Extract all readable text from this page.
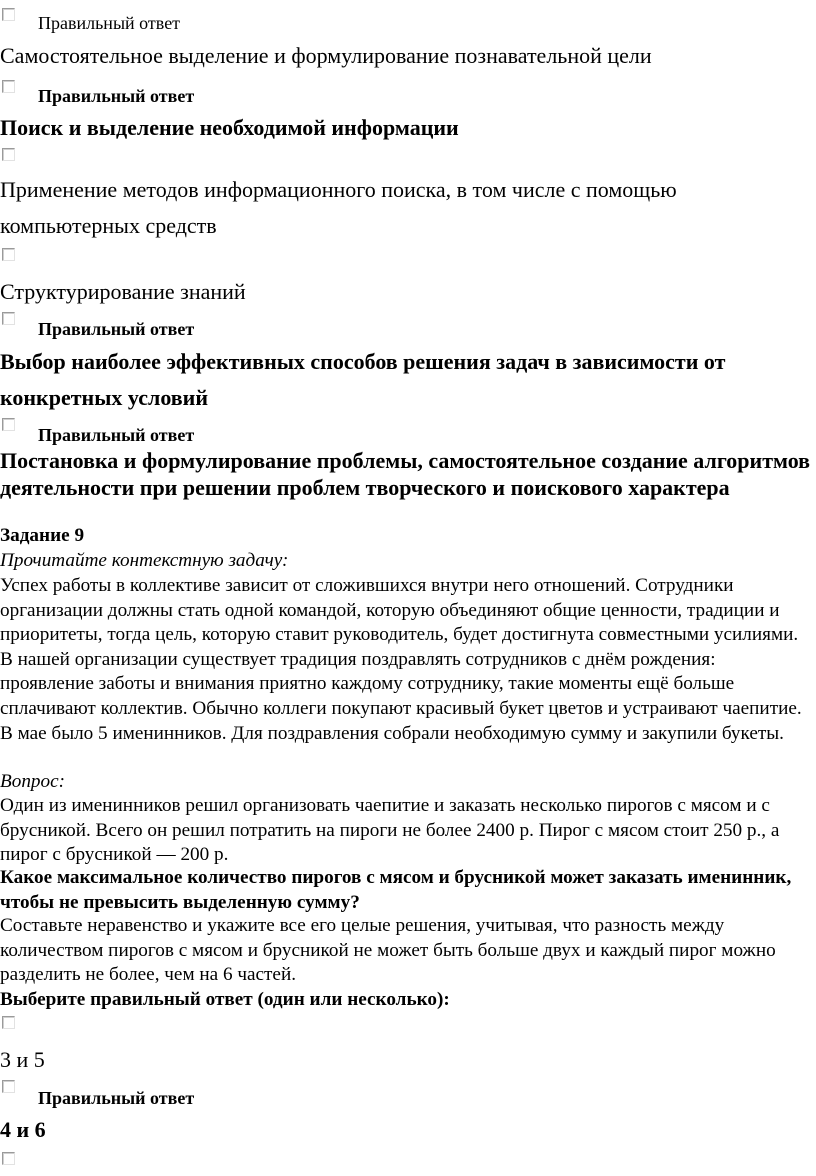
Правильный ответ
Самостоятельное выделение и формулирование познавательной цели
Правильный ответ
Поиск и выделение необходимой информации
Применение методов информационного поиска, в том числе с помощью компьютерных средств
Структурирование знаний
Правильный ответ
Выбор наиболее эффективных способов решения задач в зависимости от конкретных условий
Правильный ответ
Постановка и формулирование проблемы, самостоятельное создание алгоритмов деятельности при решении проблем творческого и поискового характера
Задание 9
Прочитайте контекстную задачу:
Успех работы в коллективе зависит от сложившихся внутри него отношений. Сотрудники организации должны стать одной командой, которую объединяют общие ценности, традиции и приоритеты, тогда цель, которую ставит руководитель, будет достигнута совместными усилиями. В нашей организации существует традиция поздравлять сотрудников с днём рождения: проявление заботы и внимания приятно каждому сотруднику, такие моменты ещё больше сплачивают коллектив. Обычно коллеги покупают красивый букет цветов и устраивают чаепитие. В мае было 5 именинников. Для поздравления собрали необходимую сумму и закупили букеты.
Вопрос:
Один из именинников решил организовать чаепитие и заказать несколько пирогов с мясом и с брусникой. Всего он решил потратить на пироги не более 2400 р. Пирог с мясом стоит 250 р., а пирог с брусникой — 200 р.
Какое максимальное количество пирогов с мясом и брусникой может заказать именинник, чтобы не превысить выделенную сумму?
Составьте неравенство и укажите все его целые решения, учитывая, что разность между количеством пирогов с мясом и брусникой не может быть больше двух и каждый пирог можно разделить не более, чем на 6 частей.
Выберите правильный ответ (один или несколько):
3 и 5
Правильный ответ
4 и 6
